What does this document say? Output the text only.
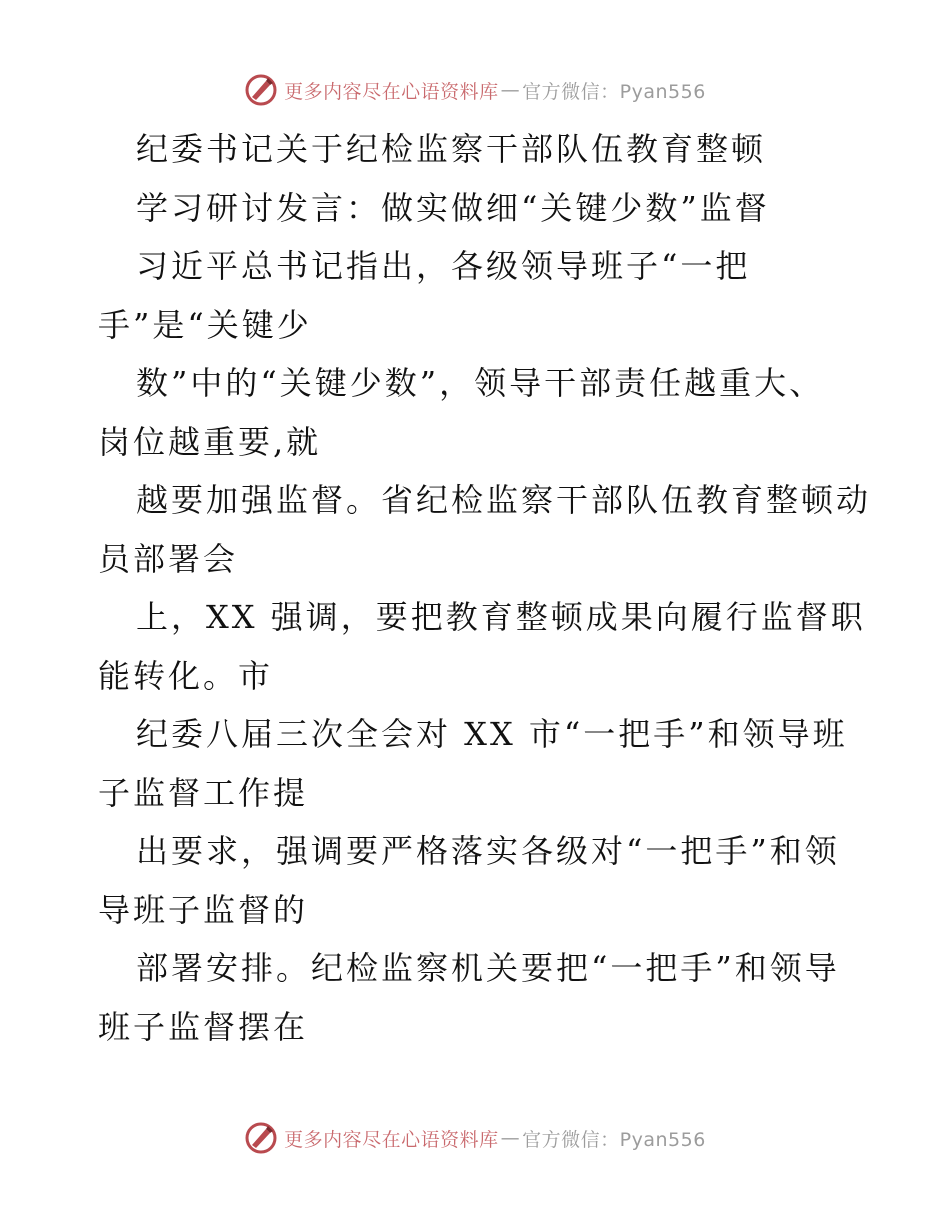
更多内容尽在心语资料库 — 官方微信：Pyan556
纪委书记关于纪检监察干部队伍教育整顿
学习研讨发言：做实做细“关键少数”监督
习近平总书记指出，各级领导班子“一把
手”是“关键少
数”中的“关键少数”，领导干部责任越重大、
岗位越重要,就
越要加强监督。省纪检监察干部队伍教育整顿动
员部署会
上，XX 强调，要把教育整顿成果向履行监督职
能转化。市
纪委八届三次全会对 XX 市“一把手”和领导班
子监督工作提
出要求，强调要严格落实各级对“一把手”和领
导班子监督的
部署安排。纪检监察机关要把“一把手”和领导
班子监督摆在
更多内容尽在心语资料库 — 官方微信：Pyan556
